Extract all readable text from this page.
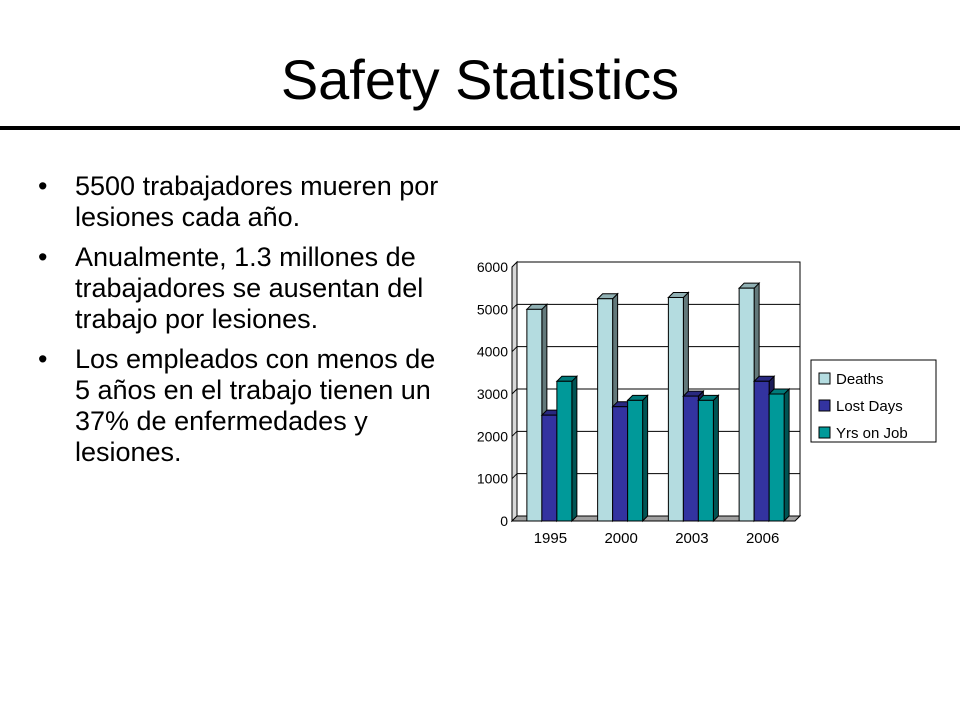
Safety Statistics
• 5500 trabajadores mueren por lesiones cada año.
• Anualmente, 1.3 millones de trabajadores se ausentan del trabajo por lesiones.
• Los empleados con menos de 5 años en el trabajo tienen un 37% de enfermedades y lesiones.
0
1000
2000
3000
4000
5000
6000
1995 2000 2003 2006
Deaths
Lost Days
Yrs on Job
